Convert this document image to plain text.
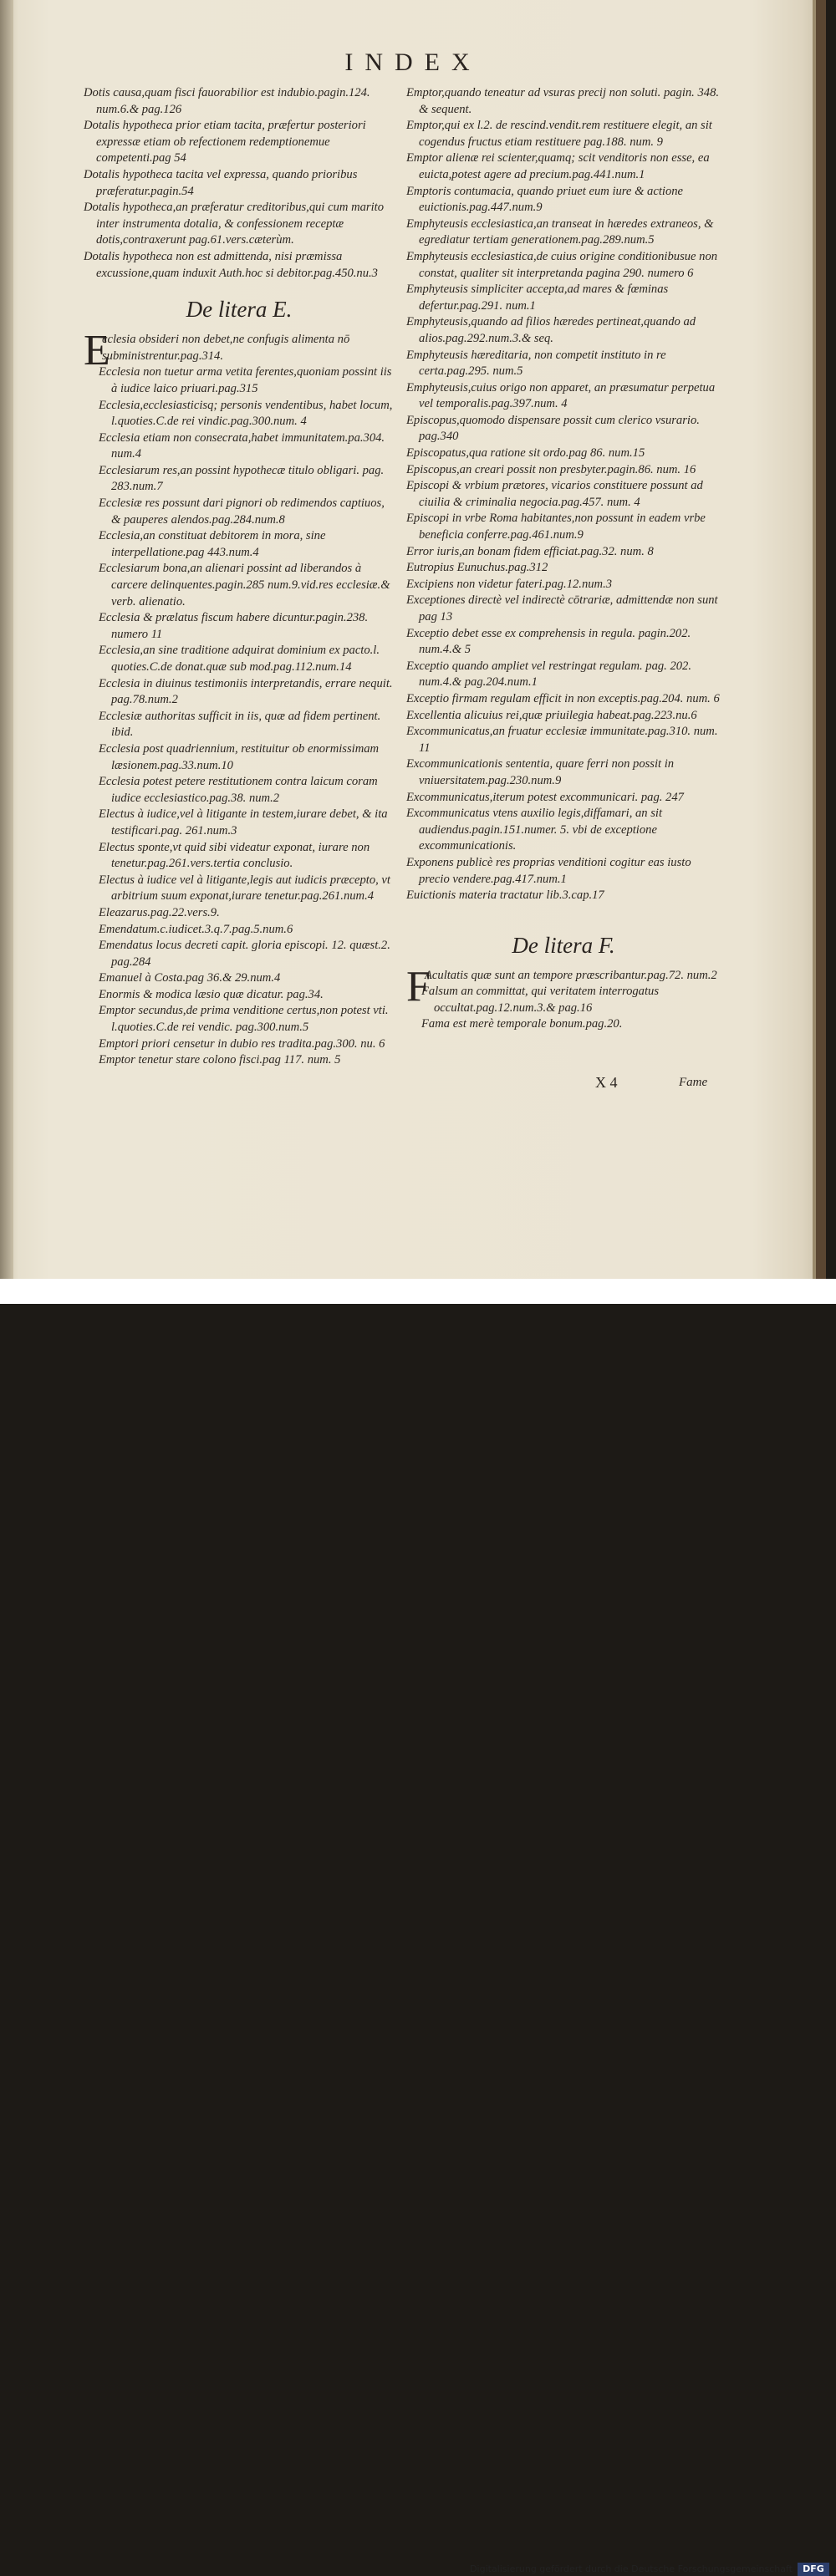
INDEX

Dotis causa,quam fisci fauorabilior est indubio.pagin.124. num.6.& pag.126

Dotalis hypotheca prior etiam tacita, præfertur posteriori expressæ etiam ob refectionem redemptionemue competenti.pag 54

Dotalis hypotheca tacita vel expressa, quando prioribus præferatur.pagin.54

Dotalis hypotheca,an præferatur creditoribus,qui cum marito inter instrumenta dotalia, & confessionem receptæ dotis,contraxerunt pag.61.vers.cæterùm.

Dotalis hypotheca non est admittenda, nisi præmissa excussione,quam induxit Auth.hoc si debitor.pag.450.nu.3

De litera E.
E
cclesia obsideri non debet,ne confugis alimenta nō subministrentur.pag.314.

Ecclesia non tuetur arma vetita ferentes,quoniam possint iis à iudice laico priuari.pag.315

Ecclesia,ecclesiasticisq; personis vendentibus, habet locum, l.quoties.C.de rei vindic.pag.300.num. 4

Ecclesia etiam non consecrata,habet immunitatem.pa.304. num.4

Ecclesiarum res,an possint hypothecæ titulo obligari. pag. 283.num.7

Ecclesiæ res possunt dari pignori ob redimendos captiuos, & pauperes alendos.pag.284.num.8

Ecclesia,an constituat debitorem in mora, sine interpellatione.pag 443.num.4

Ecclesiarum bona,an alienari possint ad liberandos à carcere delinquentes.pagin.285 num.9.vid.res ecclesiæ.& verb. alienatio.

Ecclesia & prælatus fiscum habere dicuntur.pagin.238. numero 11

Ecclesia,an sine traditione adquirat dominium ex pacto.l. quoties.C.de donat.quæ sub mod.pag.112.num.14

Ecclesia in diuinus testimoniis interpretandis, errare nequit. pag.78.num.2

Ecclesiæ authoritas sufficit in iis, quæ ad fidem pertinent. ibid.

Ecclesia post quadriennium, restituitur ob enormissimam læsionem.pag.33.num.10

Ecclesia potest petere restitutionem contra laicum coram iudice ecclesiastico.pag.38. num.2

Electus à iudice,vel à litigante in testem,iurare debet, & ita testificari.pag. 261.num.3

Electus sponte,vt quid sibi videatur exponat, iurare non tenetur.pag.261.vers.tertia conclusio.

Electus à iudice vel à litigante,legis aut iudicis præcepto, vt arbitrium suum exponat,iurare tenetur.pag.261.num.4

Eleazarus.pag.22.vers.9.

Emendatum.c.iudicet.3.q.7.pag.5.num.6

Emendatus locus decreti capit. gloria episcopi. 12. quæst.2. pag.284

Emanuel à Costa.pag 36.& 29.num.4

Enormis & modica læsio quæ dicatur. pag.34.

Emptor secundus,de prima venditione certus,non potest vti. l.quoties.C.de rei vendic. pag.300.num.5

Emptori priori censetur in dubio res tradita.pag.300. nu. 6

Emptor tenetur stare colono fisci.pag 117. num. 5

Emptor,quando teneatur ad vsuras precij non soluti. pagin. 348. & sequent.

Emptor,qui ex l.2. de rescind.vendit.rem restituere elegit, an sit cogendus fructus etiam restituere pag.188. num. 9

Emptor alienæ rei scienter,quamq; scit venditoris non esse, ea euicta,potest agere ad precium.pag.441.num.1

Emptoris contumacia, quando priuet eum iure & actione euictionis.pag.447.num.9

Emphyteusis ecclesiastica,an transeat in hæredes extraneos, & egrediatur tertiam generationem.pag.289.num.5

Emphyteusis ecclesiastica,de cuius origine conditionibusue non constat, qualiter sit interpretanda pagina 290. numero 6

Emphyteusis simpliciter accepta,ad mares & fœminas defertur.pag.291. num.1

Emphyteusis,quando ad filios hæredes pertineat,quando ad alios.pag.292.num.3.& seq.

Emphyteusis hæreditaria, non competit instituto in re certa.pag.295. num.5

Emphyteusis,cuius origo non apparet, an præsumatur perpetua vel temporalis.pag.397.num. 4

Episcopus,quomodo dispensare possit cum clerico vsurario. pag.340

Episcopatus,qua ratione sit ordo.pag 86. num.15

Episcopus,an creari possit non presbyter.pagin.86. num. 16

Episcopi & vrbium prætores, vicarios constituere possunt ad ciuilia & criminalia negocia.pag.457. num. 4

Episcopi in vrbe Roma habitantes,non possunt in eadem vrbe beneficia conferre.pag.461.num.9

Error iuris,an bonam fidem efficiat.pag.32. num. 8

Eutropius Eunuchus.pag.312

Excipiens non videtur fateri.pag.12.num.3

Exceptiones directè vel indirectè cōtrariæ, admittendæ non sunt pag 13

Exceptio debet esse ex comprehensis in regula. pagin.202. num.4.& 5

Exceptio quando ampliet vel restringat regulam. pag. 202. num.4.& pag.204.num.1

Exceptio firmam regulam efficit in non exceptis.pag.204. num. 6

Excellentia alicuius rei,quæ priuilegia habeat.pag.223.nu.6

Excommunicatus,an fruatur ecclesiæ immunitate.pag.310. num. 11

Excommunicationis sententia, quare ferri non possit in vniuersitatem.pag.230.num.9

Excommunicatus,iterum potest excommunicari. pag. 247

Excommunicatus vtens auxilio legis,diffamari, an sit audiendus.pagin.151.numer. 5. vbi de exceptione excommunicationis.

Exponens publicè res proprias venditioni cogitur eas iusto precio vendere.pag.417.num.1

Euictionis materia tractatur lib.3.cap.17

De litera F.
F
Acultatis quæ sunt an tempore præscribantur.pag.72. num.2

Falsum an committat, qui veritatem interrogatus occultat.pag.12.num.3.& pag.16

Fama est merè temporale bonum.pag.20.

X 4	Fame
Digitalisierung gefördert durch die Deutsche Forschungsgemeinschaft	DFG
